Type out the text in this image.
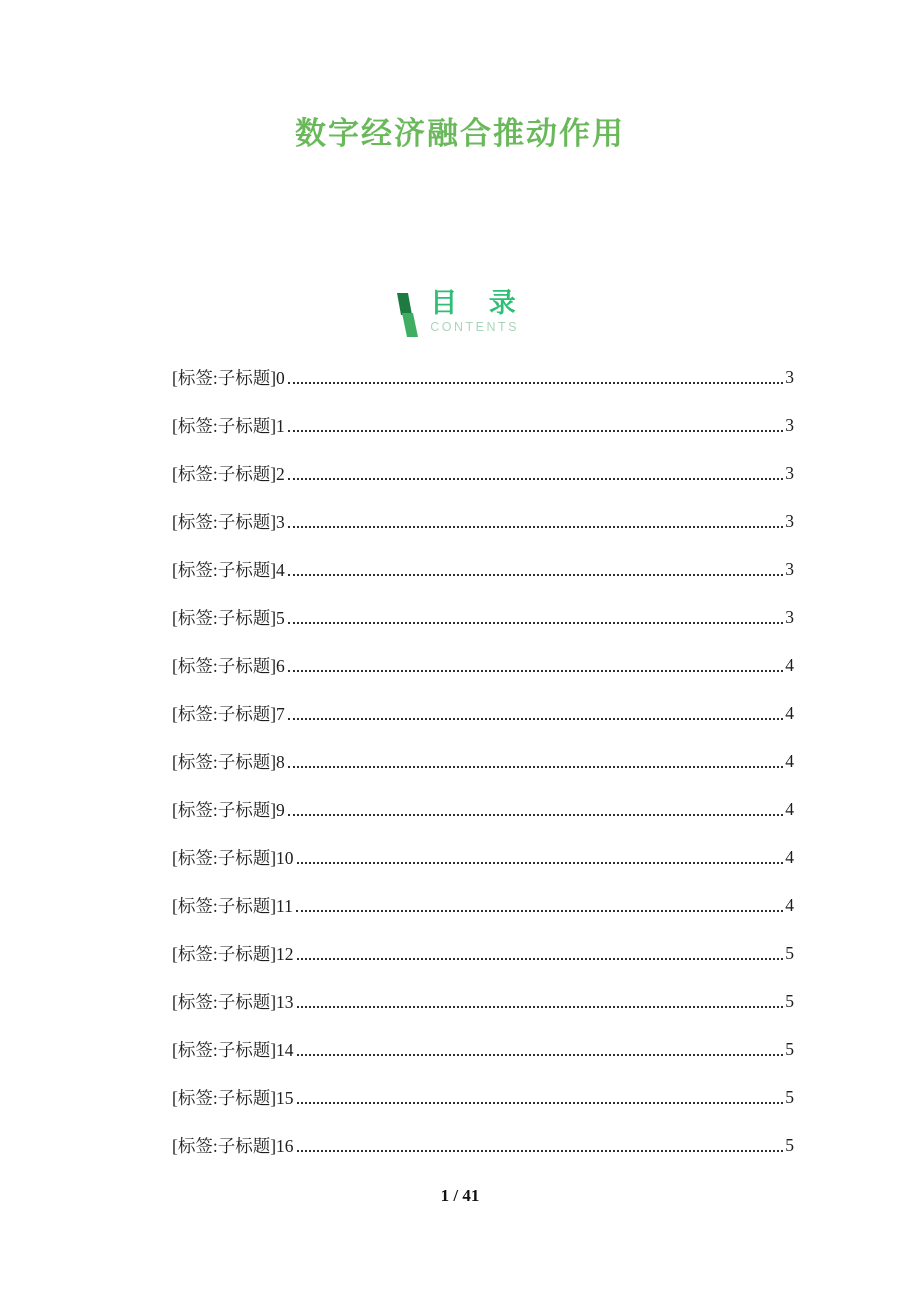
数字经济融合推动作用
目 录
CONTENTS
[标签:子标题]0	3
[标签:子标题]1	3
[标签:子标题]2	3
[标签:子标题]3	3
[标签:子标题]4	3
[标签:子标题]5	3
[标签:子标题]6	4
[标签:子标题]7	4
[标签:子标题]8	4
[标签:子标题]9	4
[标签:子标题]10	4
[标签:子标题]11	4
[标签:子标题]12	5
[标签:子标题]13	5
[标签:子标题]14	5
[标签:子标题]15	5
[标签:子标题]16	5
1 / 41
